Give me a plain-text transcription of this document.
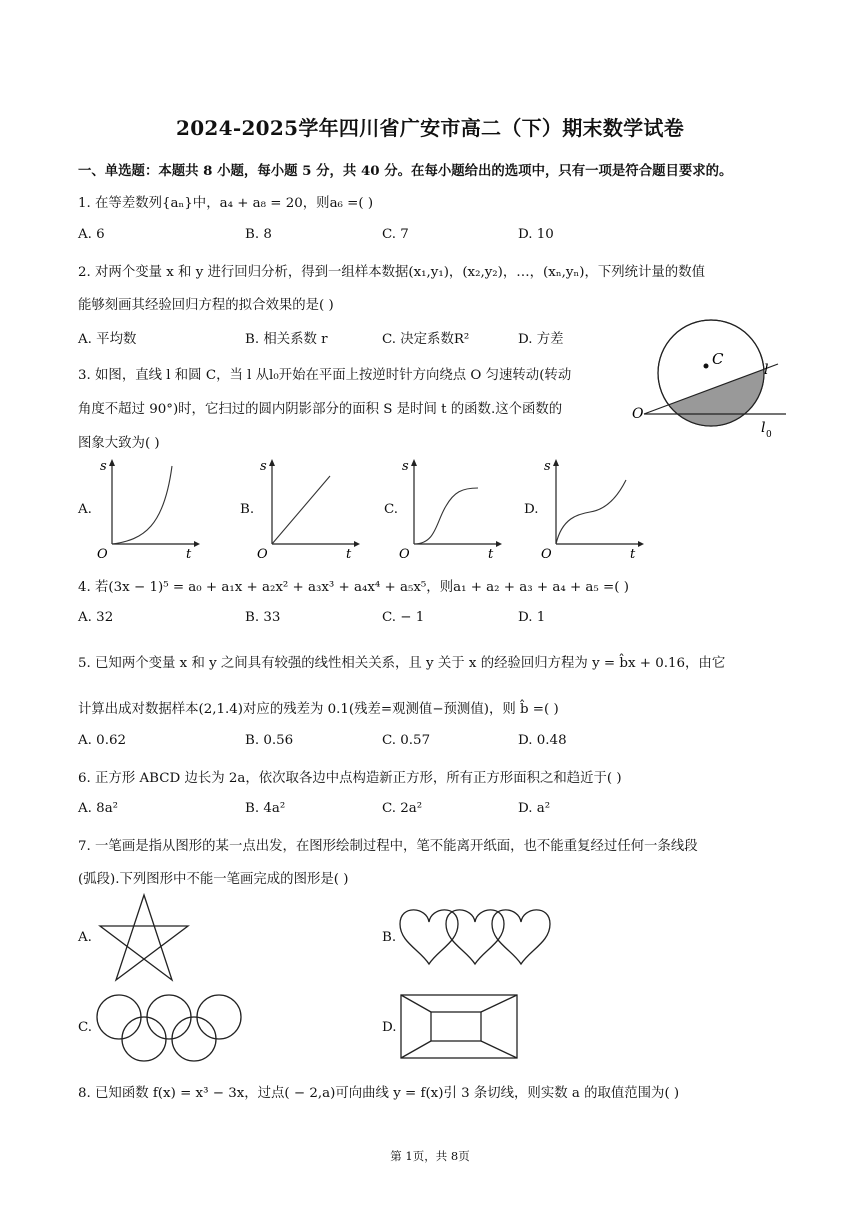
2024-2025学年四川省广安市高二（下）期末数学试卷
一、单选题：本题共 8 小题，每小题 5 分，共 40 分。在每小题给出的选项中，只有一项是符合题目要求的。
1. 在等差数列{aₙ}中，a₄ + a₈ = 20，则a₆ =( )
A. 6	B. 8	C. 7	D. 10
2. 对两个变量 x 和 y 进行回归分析，得到一组样本数据(x₁,y₁)，(x₂,y₂)，…，(xₙ,yₙ)，下列统计量的数值
能够刻画其经验回归方程的拟合效果的是( )
A. 平均数	B. 相关系数 r	C. 决定系数R²	D. 方差
3. 如图，直线 l 和圆 C，当 l 从l₀开始在平面上按逆时针方向绕点 O 匀速转动(转动
角度不超过 90°)时，它扫过的圆内阴影部分的面积 S 是时间 t 的函数.这个函数的
图象大致为( )
C
l
O
l 0
A.	B.	C.	D.
s
t
O
s
t
O
s
t
O
s
t
O
4. 若(3x − 1)⁵ = a₀ + a₁x + a₂x² + a₃x³ + a₄x⁴ + a₅x⁵，则a₁ + a₂ + a₃ + a₄ + a₅ =( )
A. 32	B. 33	C. − 1	D. 1
5. 已知两个变量 x 和 y 之间具有较强的线性相关关系，且 y 关于 x 的经验回归方程为 y = b̂x + 0.16，由它
计算出成对数据样本(2,1.4)对应的残差为 0.1(残差=观测值−预测值)，则 b̂ =( )
A. 0.62	B. 0.56	C. 0.57	D. 0.48
6. 正方形 ABCD 边长为 2a，依次取各边中点构造新正方形，所有正方形面积之和趋近于( )
A. 8a²	B. 4a²	C. 2a²	D. a²
7. 一笔画是指从图形的某一点出发，在图形绘制过程中，笔不能离开纸面，也不能重复经过任何一条线段
(弧段).下列图形中不能一笔画完成的图形是( )
A.	B.
C.	D.
8. 已知函数 f(x) = x³ − 3x，过点( − 2,a)可向曲线 y = f(x)引 3 条切线，则实数 a 的取值范围为( )
第 1页，共 8页
